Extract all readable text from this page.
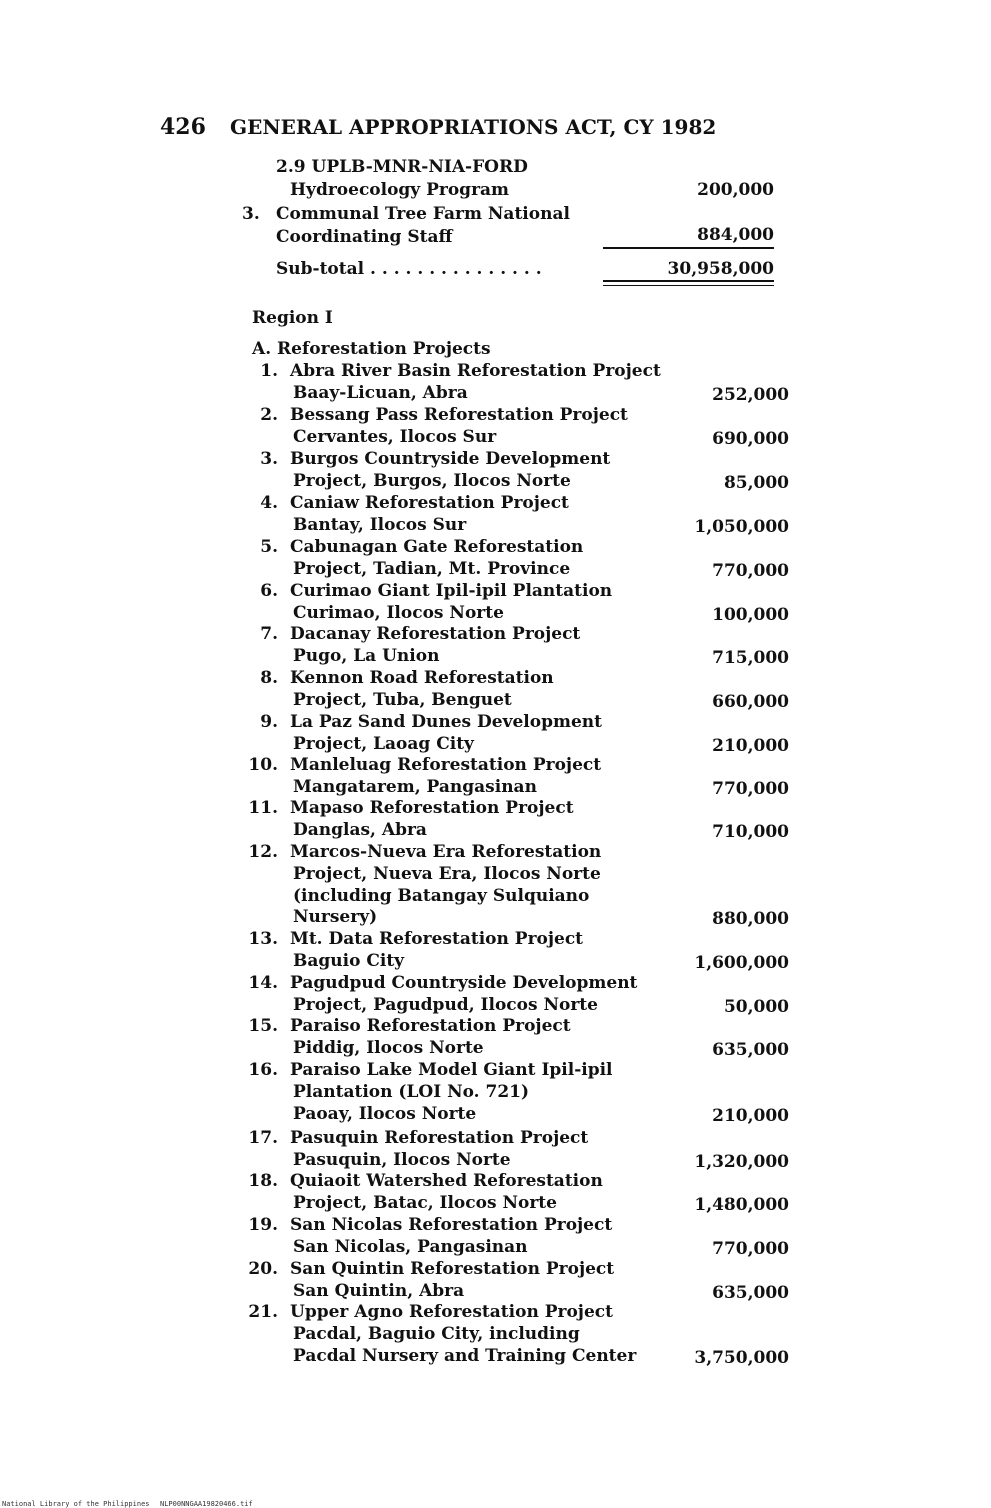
426 GENERAL APPROPRIATIONS ACT, CY 1982
2.9 UPLB-MNR-NIA-FORD
Hydroecology Program	200,000
3. Communal Tree Farm National
Coordinating Staff	884,000
Sub-total . . . . . . . . . . . . . . .	30,958,000
Region I
A. Reforestation Projects
1. Abra River Basin Reforestation Project
Baay-Licuan, Abra	252,000
2. Bessang Pass Reforestation Project
Cervantes, Ilocos Sur	690,000
3. Burgos Countryside Development
Project, Burgos, Ilocos Norte	85,000
4. Caniaw Reforestation Project
Bantay, Ilocos Sur	1,050,000
5. Cabunagan Gate Reforestation
Project, Tadian, Mt. Province	770,000
6. Curimao Giant Ipil-ipil Plantation
Curimao, Ilocos Norte	100,000
7. Dacanay Reforestation Project
Pugo, La Union	715,000
8. Kennon Road Reforestation
Project, Tuba, Benguet	660,000
9. La Paz Sand Dunes Development
Project, Laoag City	210,000
10. Manleluag Reforestation Project
Mangatarem, Pangasinan	770,000
11. Mapaso Reforestation Project
Danglas, Abra	710,000
12. Marcos-Nueva Era Reforestation
Project, Nueva Era, Ilocos Norte
(including Batangay Sulquiano
Nursery)	880,000
13. Mt. Data Reforestation Project
Baguio City	1,600,000
14. Pagudpud Countryside Development
Project, Pagudpud, Ilocos Norte	50,000
15. Paraiso Reforestation Project
Piddig, Ilocos Norte	635,000
16. Paraiso Lake Model Giant Ipil-ipil
Plantation (LOI No. 721)
Paoay, Ilocos Norte	210,000
17. Pasuquin Reforestation Project
Pasuquin, Ilocos Norte	1,320,000
18. Quiaoit Watershed Reforestation
Project, Batac, Ilocos Norte	1,480,000
19. San Nicolas Reforestation Project
San Nicolas, Pangasinan	770,000
20. San Quintin Reforestation Project
San Quintin, Abra	635,000
21. Upper Agno Reforestation Project
Pacdal, Baguio City, including
Pacdal Nursery and Training Center	3,750,000
National Library of the Philippines NLP00NNGAA19820466.tif
